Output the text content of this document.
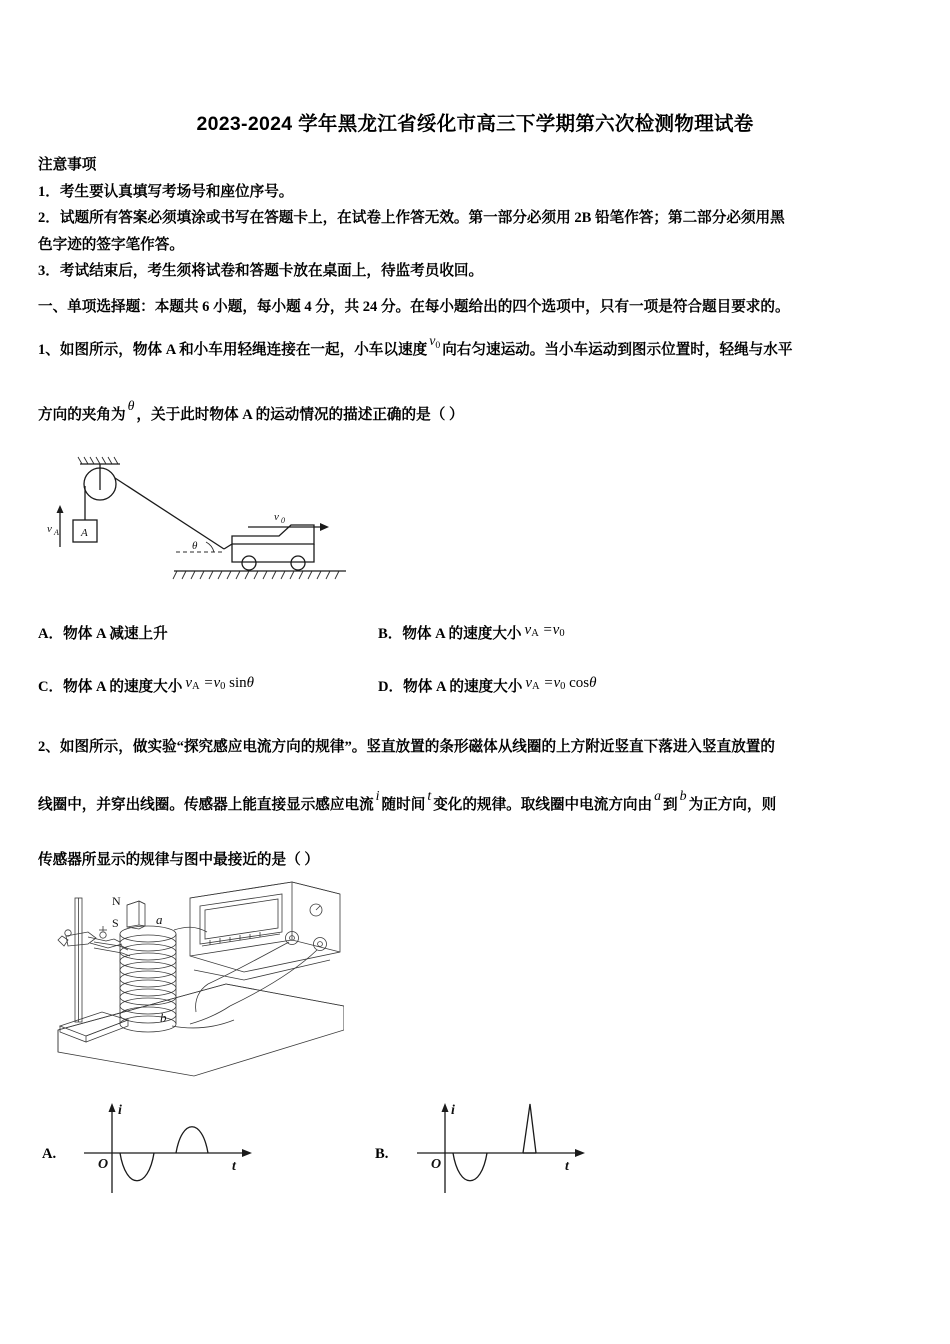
2023-2024 学年黑龙江省绥化市高三下学期第六次检测物理试卷
注意事项
1．考生要认真填写考场号和座位序号。
2．试题所有答案必须填涂或书写在答题卡上，在试卷上作答无效。第一部分必须用 2B 铅笔作答；第二部分必须用黑
色字迹的签字笔作答。
3．考试结束后，考生须将试卷和答题卡放在桌面上，待监考员收回。
一、单项选择题：本题共 6 小题，每小题 4 分，共 24 分。在每小题给出的四个选项中，只有一项是符合题目要求的。
1、如图所示，物体 A 和小车用轻绳连接在一起，小车以速度v0 向右匀速运动。当小车运动到图示位置时，轻绳与水平
方向的夹角为θ，关于此时物体 A 的运动情况的描述正确的是（ ）
A
v A
θ
v 0
A．物体 A 减速上升	B．物体 A 的速度大小 vA =v0
C．物体 A 的速度大小 vA =v0 sinθ	D．物体 A 的速度大小 vA =v0 cosθ
2、如图所示，做实验“探究感应电流方向的规律”。竖直放置的条形磁体从线圈的上方附近竖直下落进入竖直放置的
线圈中，并穿出线圈。传感器上能直接显示感应电流i随时间t变化的规律。取线圈中电流方向由a到b为正方向，则
传感器所显示的规律与图中最接近的是（ ）
N
S	a
b
A.
i
t
O
B.
i
t
O
